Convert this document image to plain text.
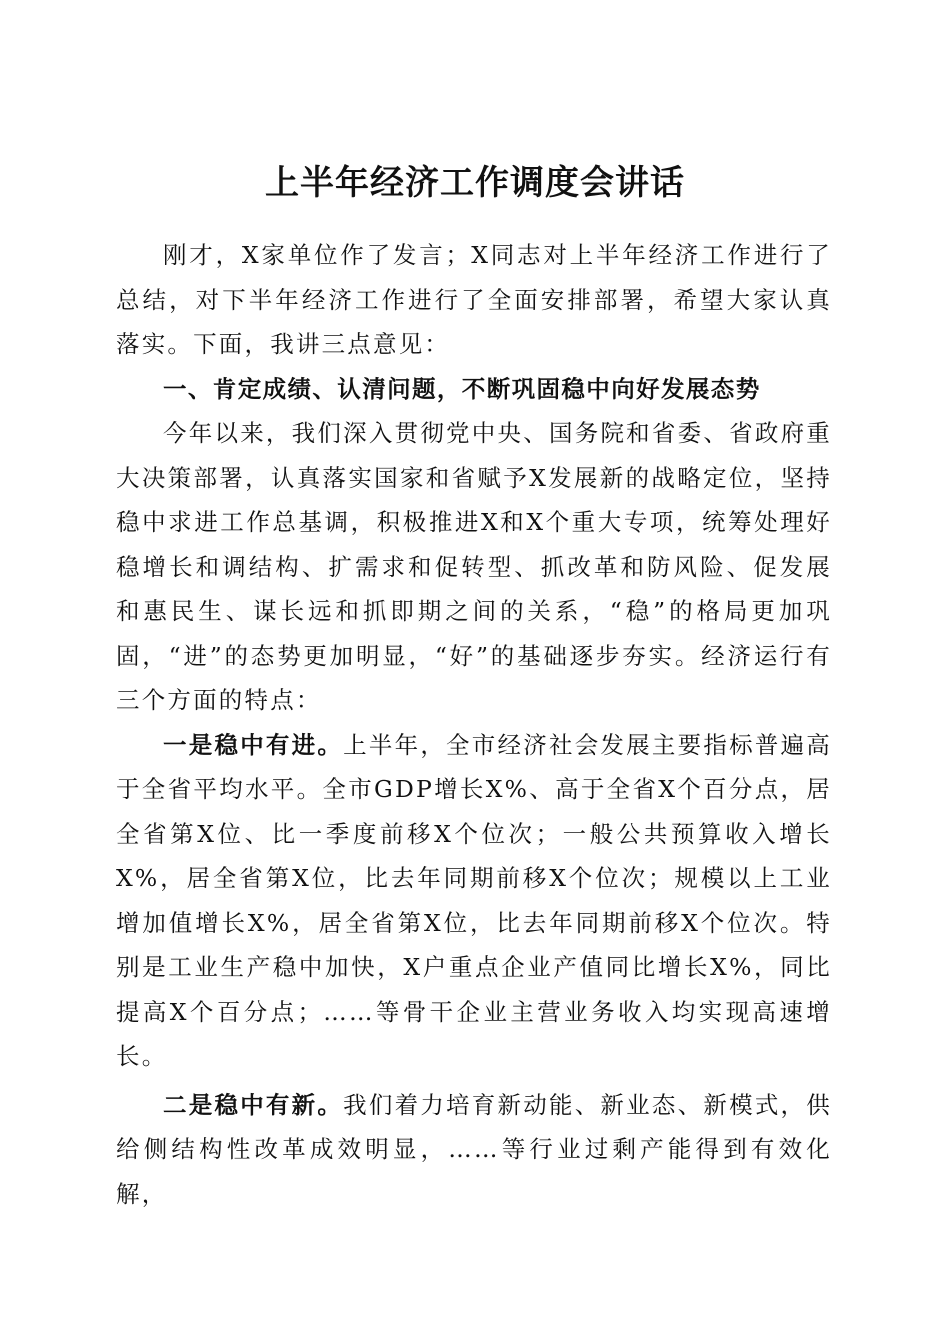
上半年经济工作调度会讲话

刚才，X家单位作了发言；X同志对上半年经济工作进行了总结，对下半年经济工作进行了全面安排部署，希望大家认真落实。下面，我讲三点意见：

一、肯定成绩、认清问题，不断巩固稳中向好发展态势

今年以来，我们深入贯彻党中央、国务院和省委、省政府重大决策部署，认真落实国家和省赋予X发展新的战略定位，坚持稳中求进工作总基调，积极推进X和X个重大专项，统筹处理好稳增长和调结构、扩需求和促转型、抓改革和防风险、促发展和惠民生、谋长远和抓即期之间的关系，“稳”的格局更加巩固，“进”的态势更加明显，“好”的基础逐步夯实。经济运行有三个方面的特点：

一是稳中有进。上半年，全市经济社会发展主要指标普遍高于全省平均水平。全市GDP增长X%、高于全省X个百分点，居全省第X位、比一季度前移X个位次；一般公共预算收入增长X%，居全省第X位，比去年同期前移X个位次；规模以上工业增加值增长X%，居全省第X位，比去年同期前移X个位次。特别是工业生产稳中加快，X户重点企业产值同比增长X%，同比提高X个百分点；……等骨干企业主营业务收入均实现高速增长。

二是稳中有新。我们着力培育新动能、新业态、新模式，供给侧结构性改革成效明显，……等行业过剩产能得到有效化解，
